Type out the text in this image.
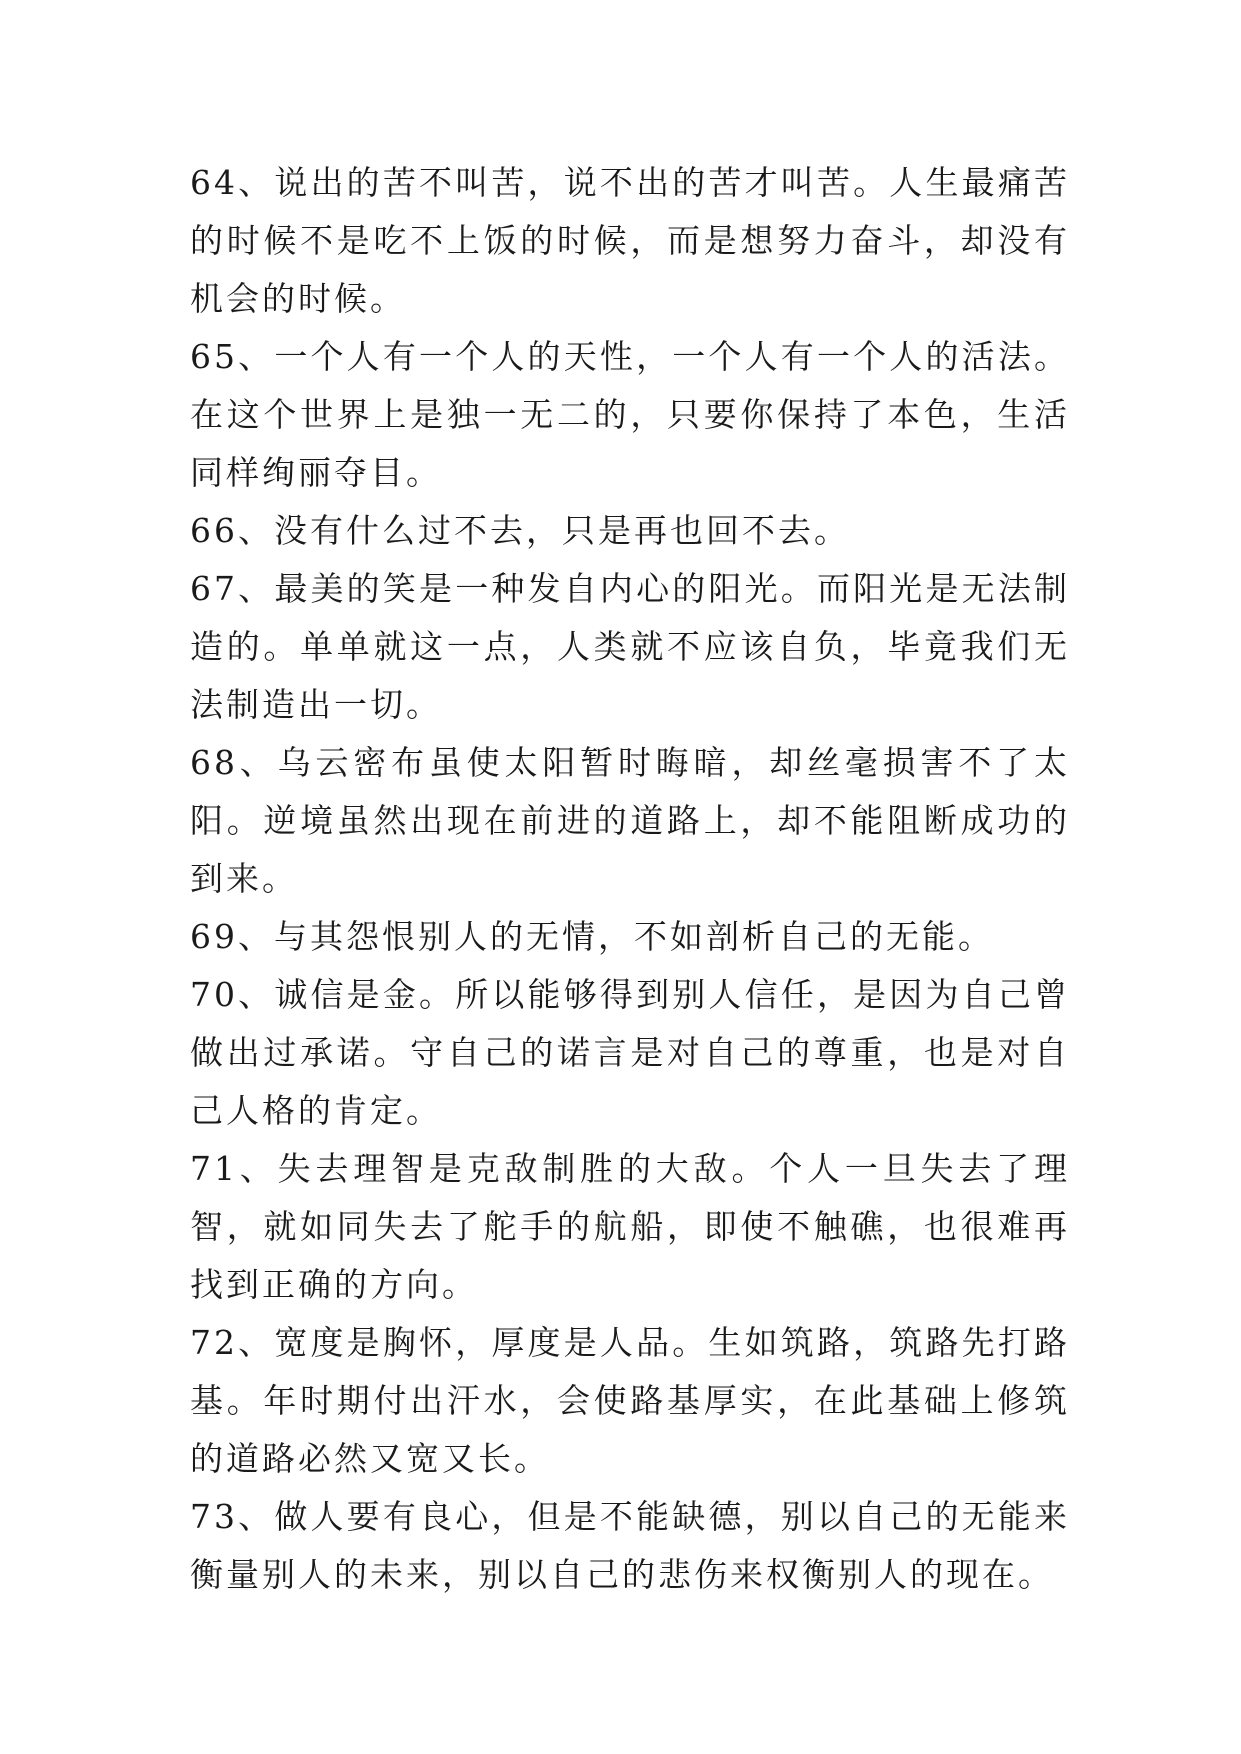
64、说出的苦不叫苦，说不出的苦才叫苦。人生最痛苦的时候不是吃不上饭的时候，而是想努力奋斗，却没有机会的时候。

65、一个人有一个人的天性，一个人有一个人的活法。在这个世界上是独一无二的，只要你保持了本色，生活同样绚丽夺目。

66、没有什么过不去，只是再也回不去。

67、最美的笑是一种发自内心的阳光。而阳光是无法制造的。单单就这一点，人类就不应该自负，毕竟我们无法制造出一切。

68、乌云密布虽使太阳暂时晦暗，却丝毫损害不了太阳。逆境虽然出现在前进的道路上，却不能阻断成功的到来。

69、与其怨恨别人的无情，不如剖析自己的无能。

70、诚信是金。所以能够得到别人信任，是因为自己曾做出过承诺。守自己的诺言是对自己的尊重，也是对自己人格的肯定。

71、失去理智是克敌制胜的大敌。个人一旦失去了理智，就如同失去了舵手的航船，即使不触礁，也很难再找到正确的方向。

72、宽度是胸怀，厚度是人品。生如筑路，筑路先打路基。年时期付出汗水，会使路基厚实，在此基础上修筑的道路必然又宽又长。

73、做人要有良心，但是不能缺德，别以自己的无能来衡量别人的未来，别以自己的悲伤来权衡别人的现在。
